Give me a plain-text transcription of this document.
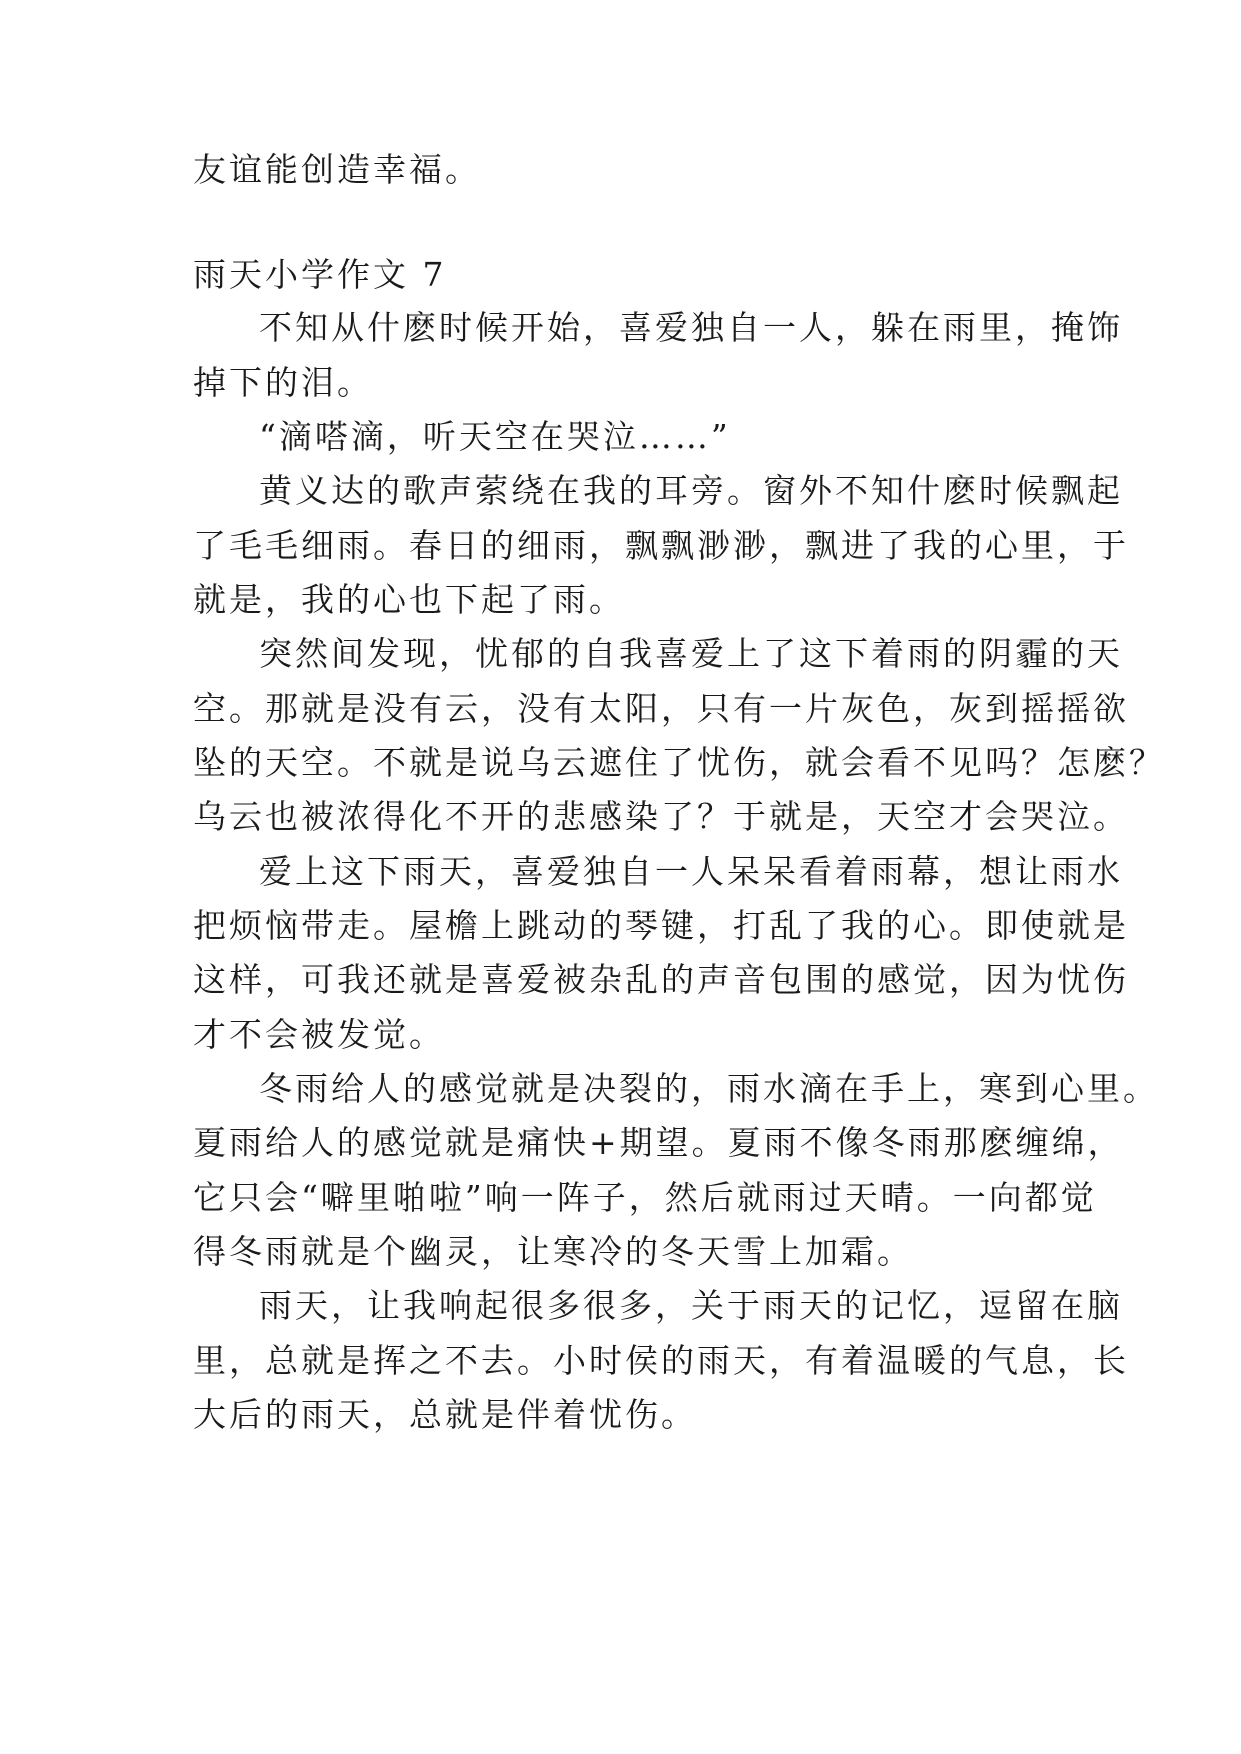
友谊能创造幸福。
雨天小学作文 7
不知从什麽时候开始，喜爱独自一人，躲在雨里，掩饰
掉下的泪。
“滴嗒滴，听天空在哭泣……”
黄义达的歌声萦绕在我的耳旁。窗外不知什麽时候飘起
了毛毛细雨。春日的细雨，飘飘渺渺，飘进了我的心里，于
就是，我的心也下起了雨。
突然间发现，忧郁的自我喜爱上了这下着雨的阴霾的天
空。那就是没有云，没有太阳，只有一片灰色，灰到摇摇欲
坠的天空。不就是说乌云遮住了忧伤，就会看不见吗？怎麽？
乌云也被浓得化不开的悲感染了？于就是，天空才会哭泣。
爱上这下雨天，喜爱独自一人呆呆看着雨幕，想让雨水
把烦恼带走。屋檐上跳动的琴键，打乱了我的心。即使就是
这样，可我还就是喜爱被杂乱的声音包围的感觉，因为忧伤
才不会被发觉。
冬雨给人的感觉就是决裂的，雨水滴在手上，寒到心里。
夏雨给人的感觉就是痛快+期望。夏雨不像冬雨那麽缠绵，
它只会“噼里啪啦”响一阵子，然后就雨过天晴。一向都觉
得冬雨就是个幽灵，让寒冷的冬天雪上加霜。
雨天，让我响起很多很多，关于雨天的记忆，逗留在脑
里，总就是挥之不去。小时侯的雨天，有着温暖的气息，长
大后的雨天，总就是伴着忧伤。
